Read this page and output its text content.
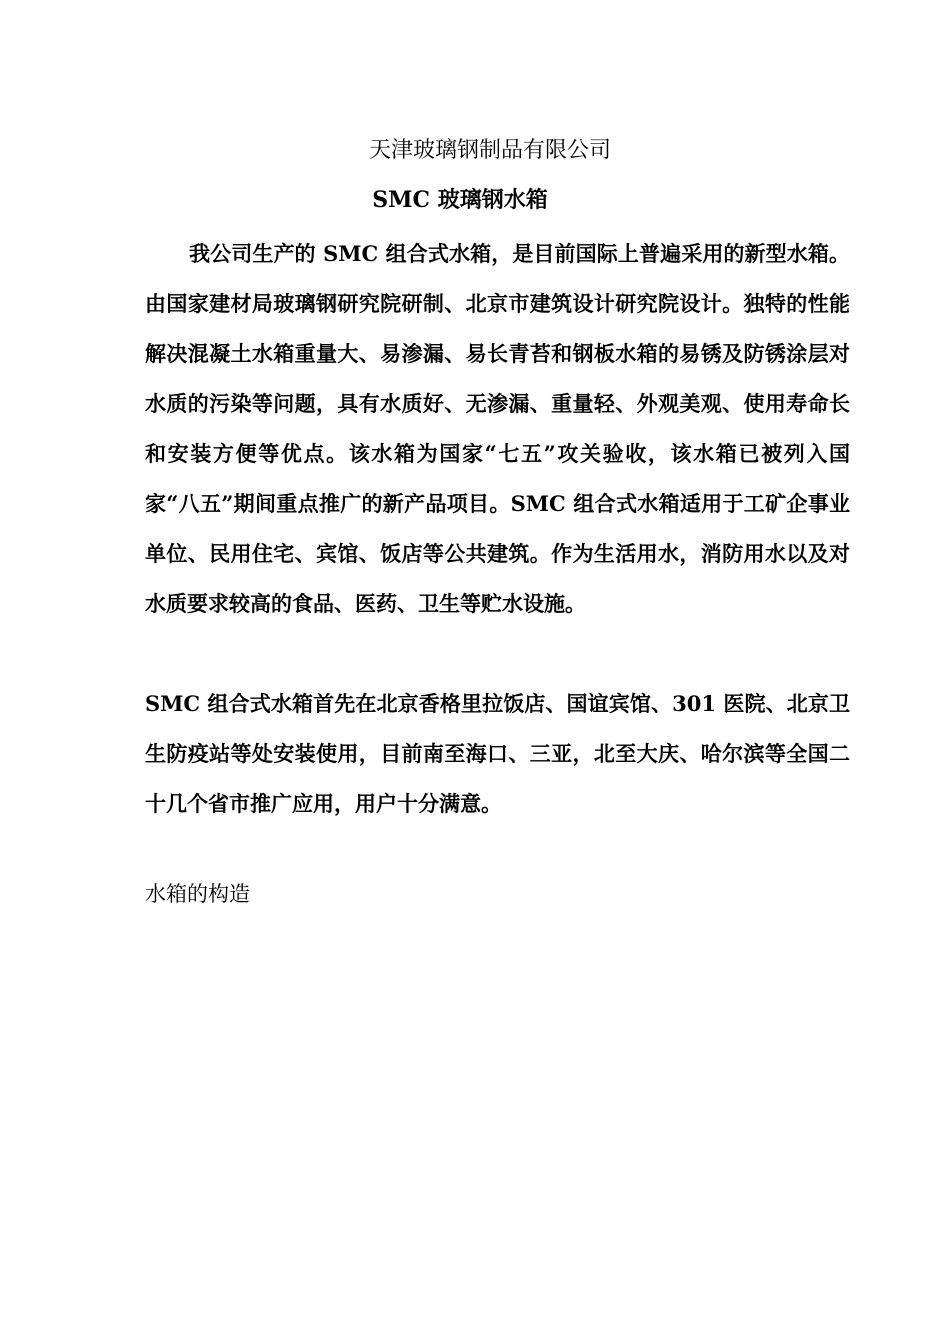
天津玻璃钢制品有限公司
SMC 玻璃钢水箱

我公司生产的 SMC 组合式水箱，是目前国际上普遍采用的新型水箱。由国家建材局玻璃钢研究院研制、北京市建筑设计研究院设计。独特的性能解决混凝土水箱重量大、易渗漏、易长青苔和钢板水箱的易锈及防锈涂层对水质的污染等问题，具有水质好、无渗漏、重量轻、外观美观、使用寿命长和安装方便等优点。该水箱为国家“七五”攻关验收，该水箱已被列入国家“八五”期间重点推广的新产品项目。SMC 组合式水箱适用于工矿企事业单位、民用住宅、宾馆、饭店等公共建筑。作为生活用水，消防用水以及对水质要求较高的食品、医药、卫生等贮水设施。

SMC 组合式水箱首先在北京香格里拉饭店、国谊宾馆、301 医院、北京卫生防疫站等处安装使用，目前南至海口、三亚，北至大庆、哈尔滨等全国二十几个省市推广应用，用户十分满意。

水箱的构造
